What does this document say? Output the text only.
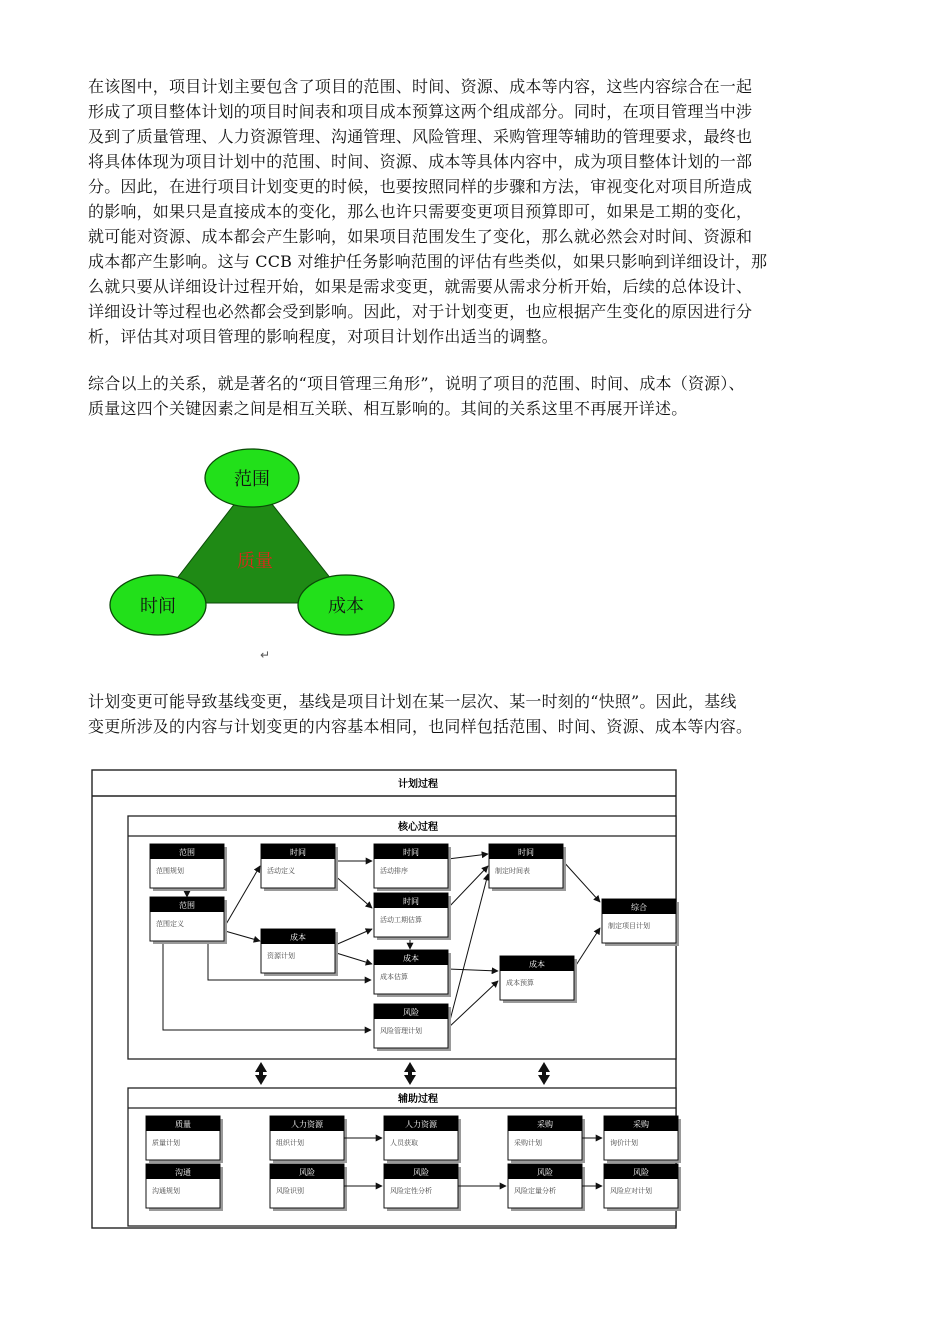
在该图中，项目计划主要包含了项目的范围、时间、资源、成本等内容，这些内容综合在一起
形成了项目整体计划的项目时间表和项目成本预算这两个组成部分。同时，在项目管理当中涉
及到了质量管理、人力资源管理、沟通管理、风险管理、采购管理等辅助的管理要求，最终也
将具体体现为项目计划中的范围、时间、资源、成本等具体内容中，成为项目整体计划的一部
分。因此，在进行项目计划变更的时候，也要按照同样的步骤和方法，审视变化对项目所造成
的影响，如果只是直接成本的变化，那么也许只需要变更项目预算即可，如果是工期的变化，
就可能对资源、成本都会产生影响，如果项目范围发生了变化，那么就必然会对时间、资源和
成本都产生影响。这与 CCB 对维护任务影响范围的评估有些类似，如果只影响到详细设计，那
么就只要从详细设计过程开始，如果是需求变更，就需要从需求分析开始，后续的总体设计、
详细设计等过程也必然都会受到影响。因此，对于计划变更，也应根据产生变化的原因进行分
析，评估其对项目管理的影响程度，对项目计划作出适当的调整。

质量
范围
时间	成本
↵

综合以上的关系，就是著名的“项目管理三角形”，说明了项目的范围、时间、成本（资源）、
质量这四个关键因素之间是相互关联、相互影响的。其间的关系这里不再展开详述。

计划变更可能导致基线变更，基线是项目计划在某一层次、某一时刻的“快照”。因此，基线
变更所涉及的内容与计划变更的内容基本相同，也同样包括范围、时间、资源、成本等内容。

计划过程
核心过程
辅助过程
范围
范围规划
范围
范围定义
时间
活动定义
成本
资源计划
时间
活动排序
时间
活动工期估算
成本
成本估算
风险
风险管理计划
时间
制定时间表
成本
成本预算
综合
制定项目计划
质量
质量计划
人力资源
组织计划
人力资源
人员获取
采购
采购计划
采购
询价计划
沟通
沟通规划
风险
风险识别
风险
风险定性分析
风险
风险定量分析
风险
风险应对计划
